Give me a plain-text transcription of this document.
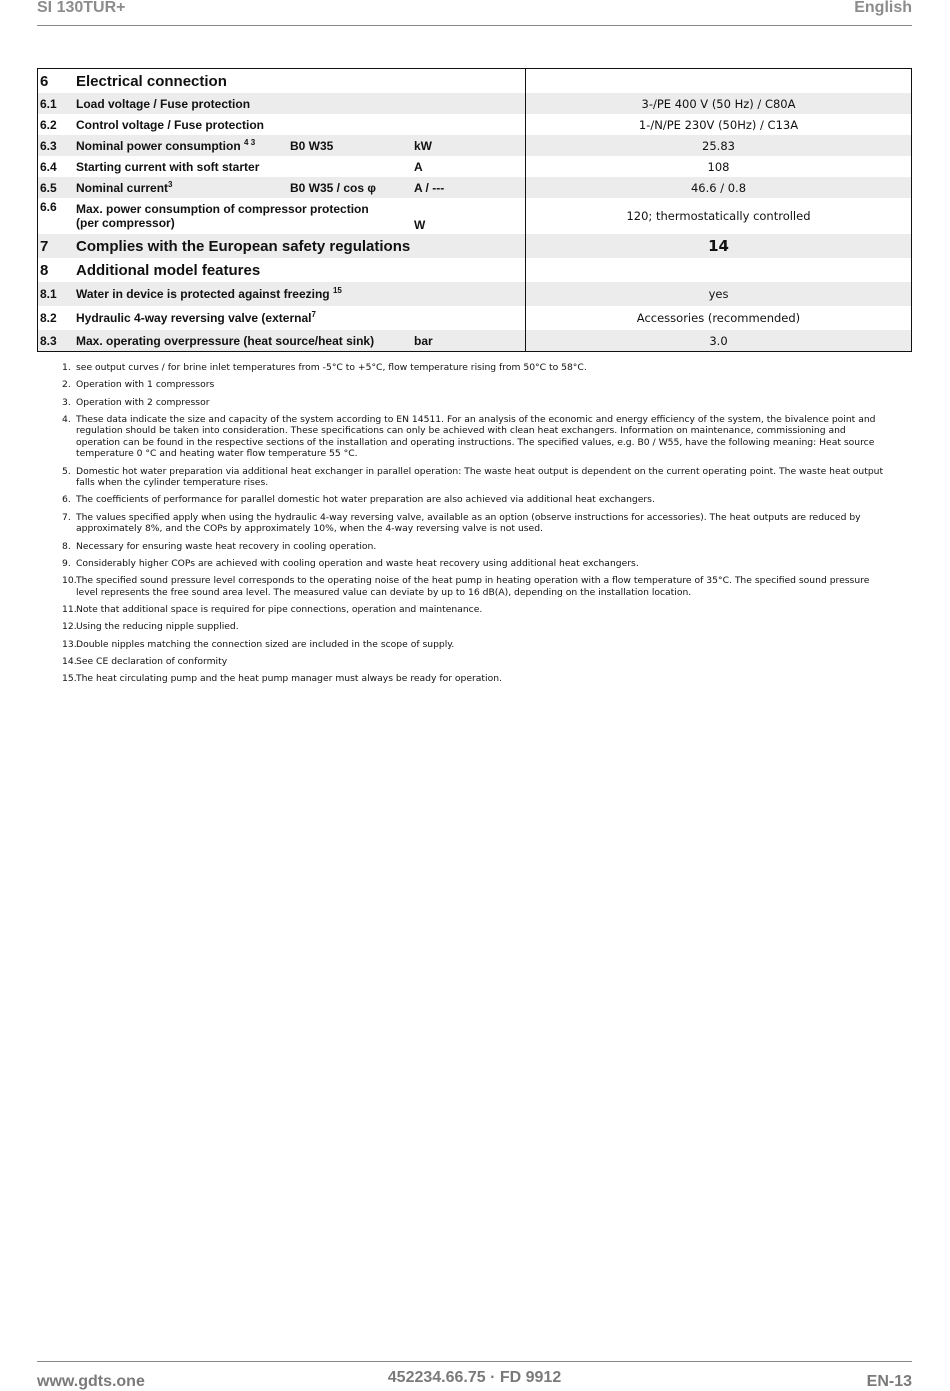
SI 130TUR+	English
6	Electrical connection			
6.1	Load voltage / Fuse protection			3-/PE 400 V (50 Hz) / C80A
6.2	Control voltage / Fuse protection			1-/N/PE 230V (50Hz) / C13A
6.3	Nominal power consumption $^{4 3}$	B0 W35	kW	25.83
6.4	Starting current with soft starter		A	108
6.5	Nominal current$^3$	B0 W35 / cos φ	A / ---	46.6 / 0.8
6.6	Max. power consumption of compressor protection
(per compressor)		W	120; thermostatically controlled
7	Complies with the European safety regulations			14
8	Additional model features			
8.1	Water in device is protected against freezing $^{15}$			yes
8.2	Hydraulic 4-way reversing valve (external$^7$			Accessories (recommended)
8.3	Max. operating overpressure (heat source/heat sink)		bar	3.0
1. see output curves / for brine inlet temperatures from -5°C to +5°C, flow temperature rising from 50°C to 58°C.
2. Operation with 1 compressors
3. Operation with 2 compressor
4. These data indicate the size and capacity of the system according to EN 14511. For an analysis of the economic and energy efficiency of the system, the bivalence point and regulation should be taken into consideration. These specifications can only be achieved with clean heat exchangers. Information on maintenance, commissioning and operation can be found in the respective sections of the installation and operating instructions. The specified values, e.g. B0 / W55, have the following meaning: Heat source temperature 0 °C and heating water flow temperature 55 °C.
5. Domestic hot water preparation via additional heat exchanger in parallel operation: The waste heat output is dependent on the current operating point. The waste heat output falls when the cylinder temperature rises.
6. The coefficients of performance for parallel domestic hot water preparation are also achieved via additional heat exchangers.
7. The values specified apply when using the hydraulic 4-way reversing valve, available as an option (observe instructions for accessories). The heat outputs are reduced by approximately 8%, and the COPs by approximately 10%, when the 4-way reversing valve is not used.
8. Necessary for ensuring waste heat recovery in cooling operation.
9. Considerably higher COPs are achieved with cooling operation and waste heat recovery using additional heat exchangers.
10. The specified sound pressure level corresponds to the operating noise of the heat pump in heating operation with a flow temperature of 35°C. The specified sound pressure level represents the free sound area level. The measured value can deviate by up to 16 dB(A), depending on the installation location.
11. Note that additional space is required for pipe connections, operation and maintenance.
12. Using the reducing nipple supplied.
13. Double nipples matching the connection sized are included in the scope of supply.
14. See CE declaration of conformity
15. The heat circulating pump and the heat pump manager must always be ready for operation.
www.gdts.one	452234.66.75 · FD 9912	EN-13
